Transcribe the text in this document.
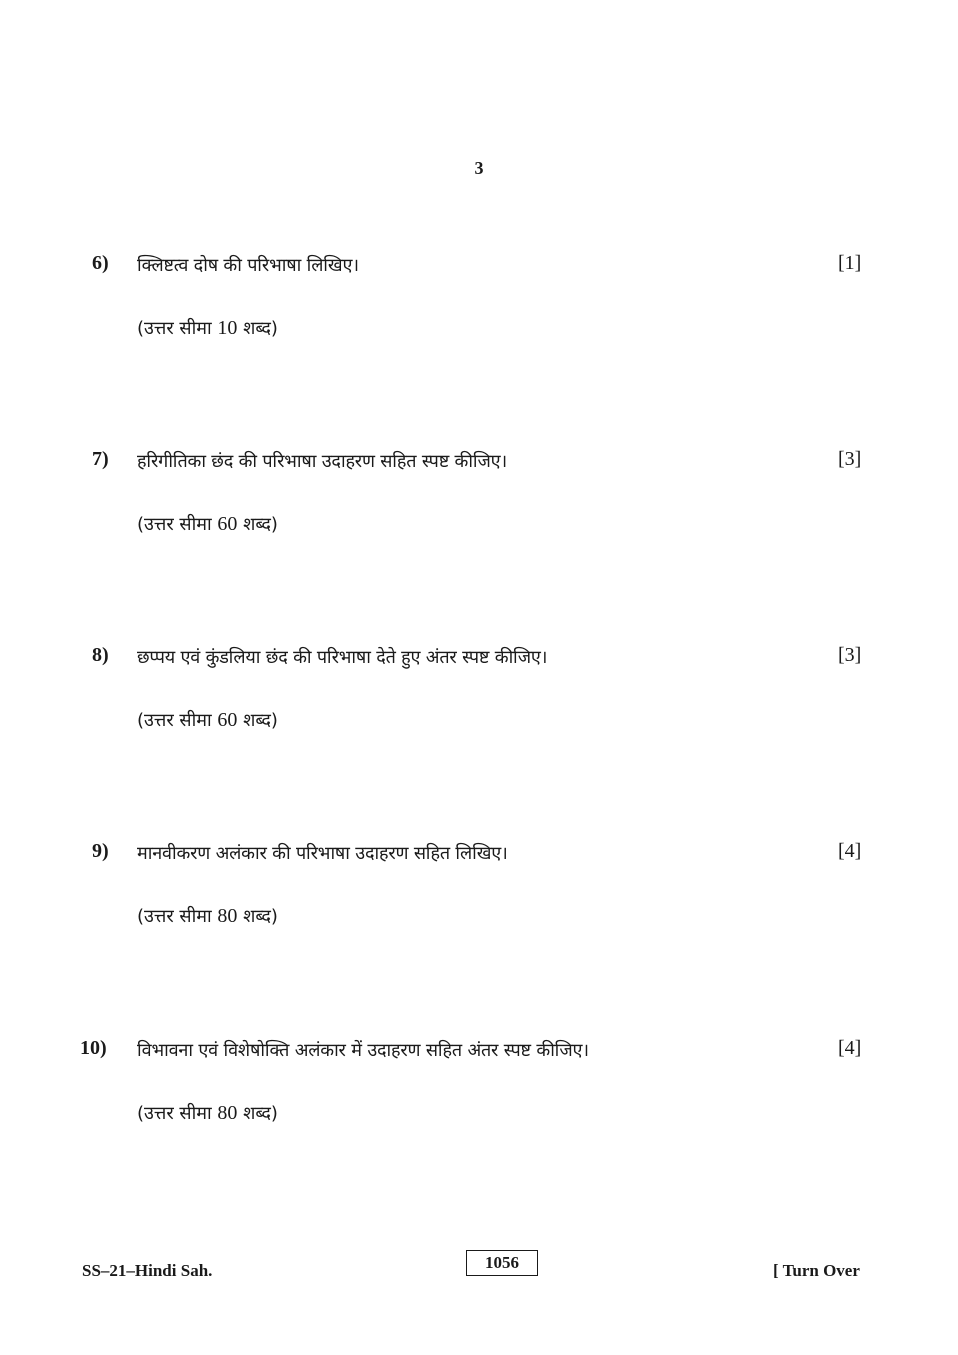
3
6) क्लिष्टत्व दोष की परिभाषा लिखिए।	[1]
(उत्तर सीमा 10 शब्द)
7) हरिगीतिका छंद की परिभाषा उदाहरण सहित स्पष्ट कीजिए।	[3]
(उत्तर सीमा 60 शब्द)
8) छप्पय एवं कुंडलिया छंद की परिभाषा देते हुए अंतर स्पष्ट कीजिए।	[3]
(उत्तर सीमा 60 शब्द)
9) मानवीकरण अलंकार की परिभाषा उदाहरण सहित लिखिए।	[4]
(उत्तर सीमा 80 शब्द)
10) विभावना एवं विशेषोक्ति अलंकार में उदाहरण सहित अंतर स्पष्ट कीजिए।	[4]
(उत्तर सीमा 80 शब्द)
SS–21–Hindi Sah.	1056	[ Turn Over
